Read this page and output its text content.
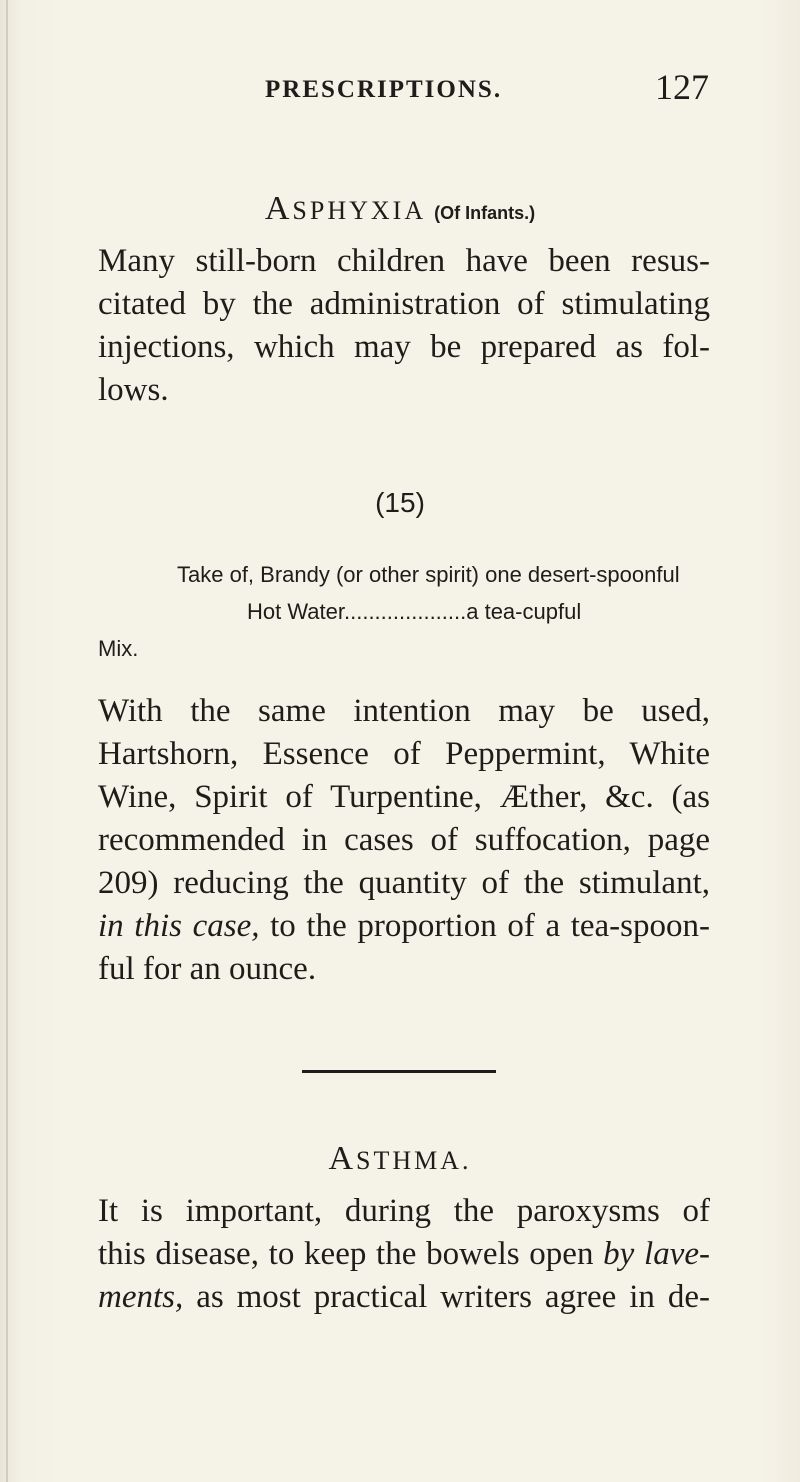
PRESCRIPTIONS.	127
ASPHYXIA (Of Infants.)
Many still-born children have been resus-
citated by the administration of stimulating
injections, which may be prepared as fol-
lows.
(15)
Take of, Brandy (or other spirit) one desert-spoonful
Hot Water....................a tea-cupful
Mix.
With the same intention may be used,
Hartshorn, Essence of Peppermint, White
Wine, Spirit of Turpentine, Æther, &c. (as
recommended in cases of suffocation, page
209) reducing the quantity of the stimulant,
in this case, to the proportion of a tea-spoon-
ful for an ounce.
ASTHMA.
It is important, during the paroxysms of
this disease, to keep the bowels open by lave-
ments, as most practical writers agree in de-
